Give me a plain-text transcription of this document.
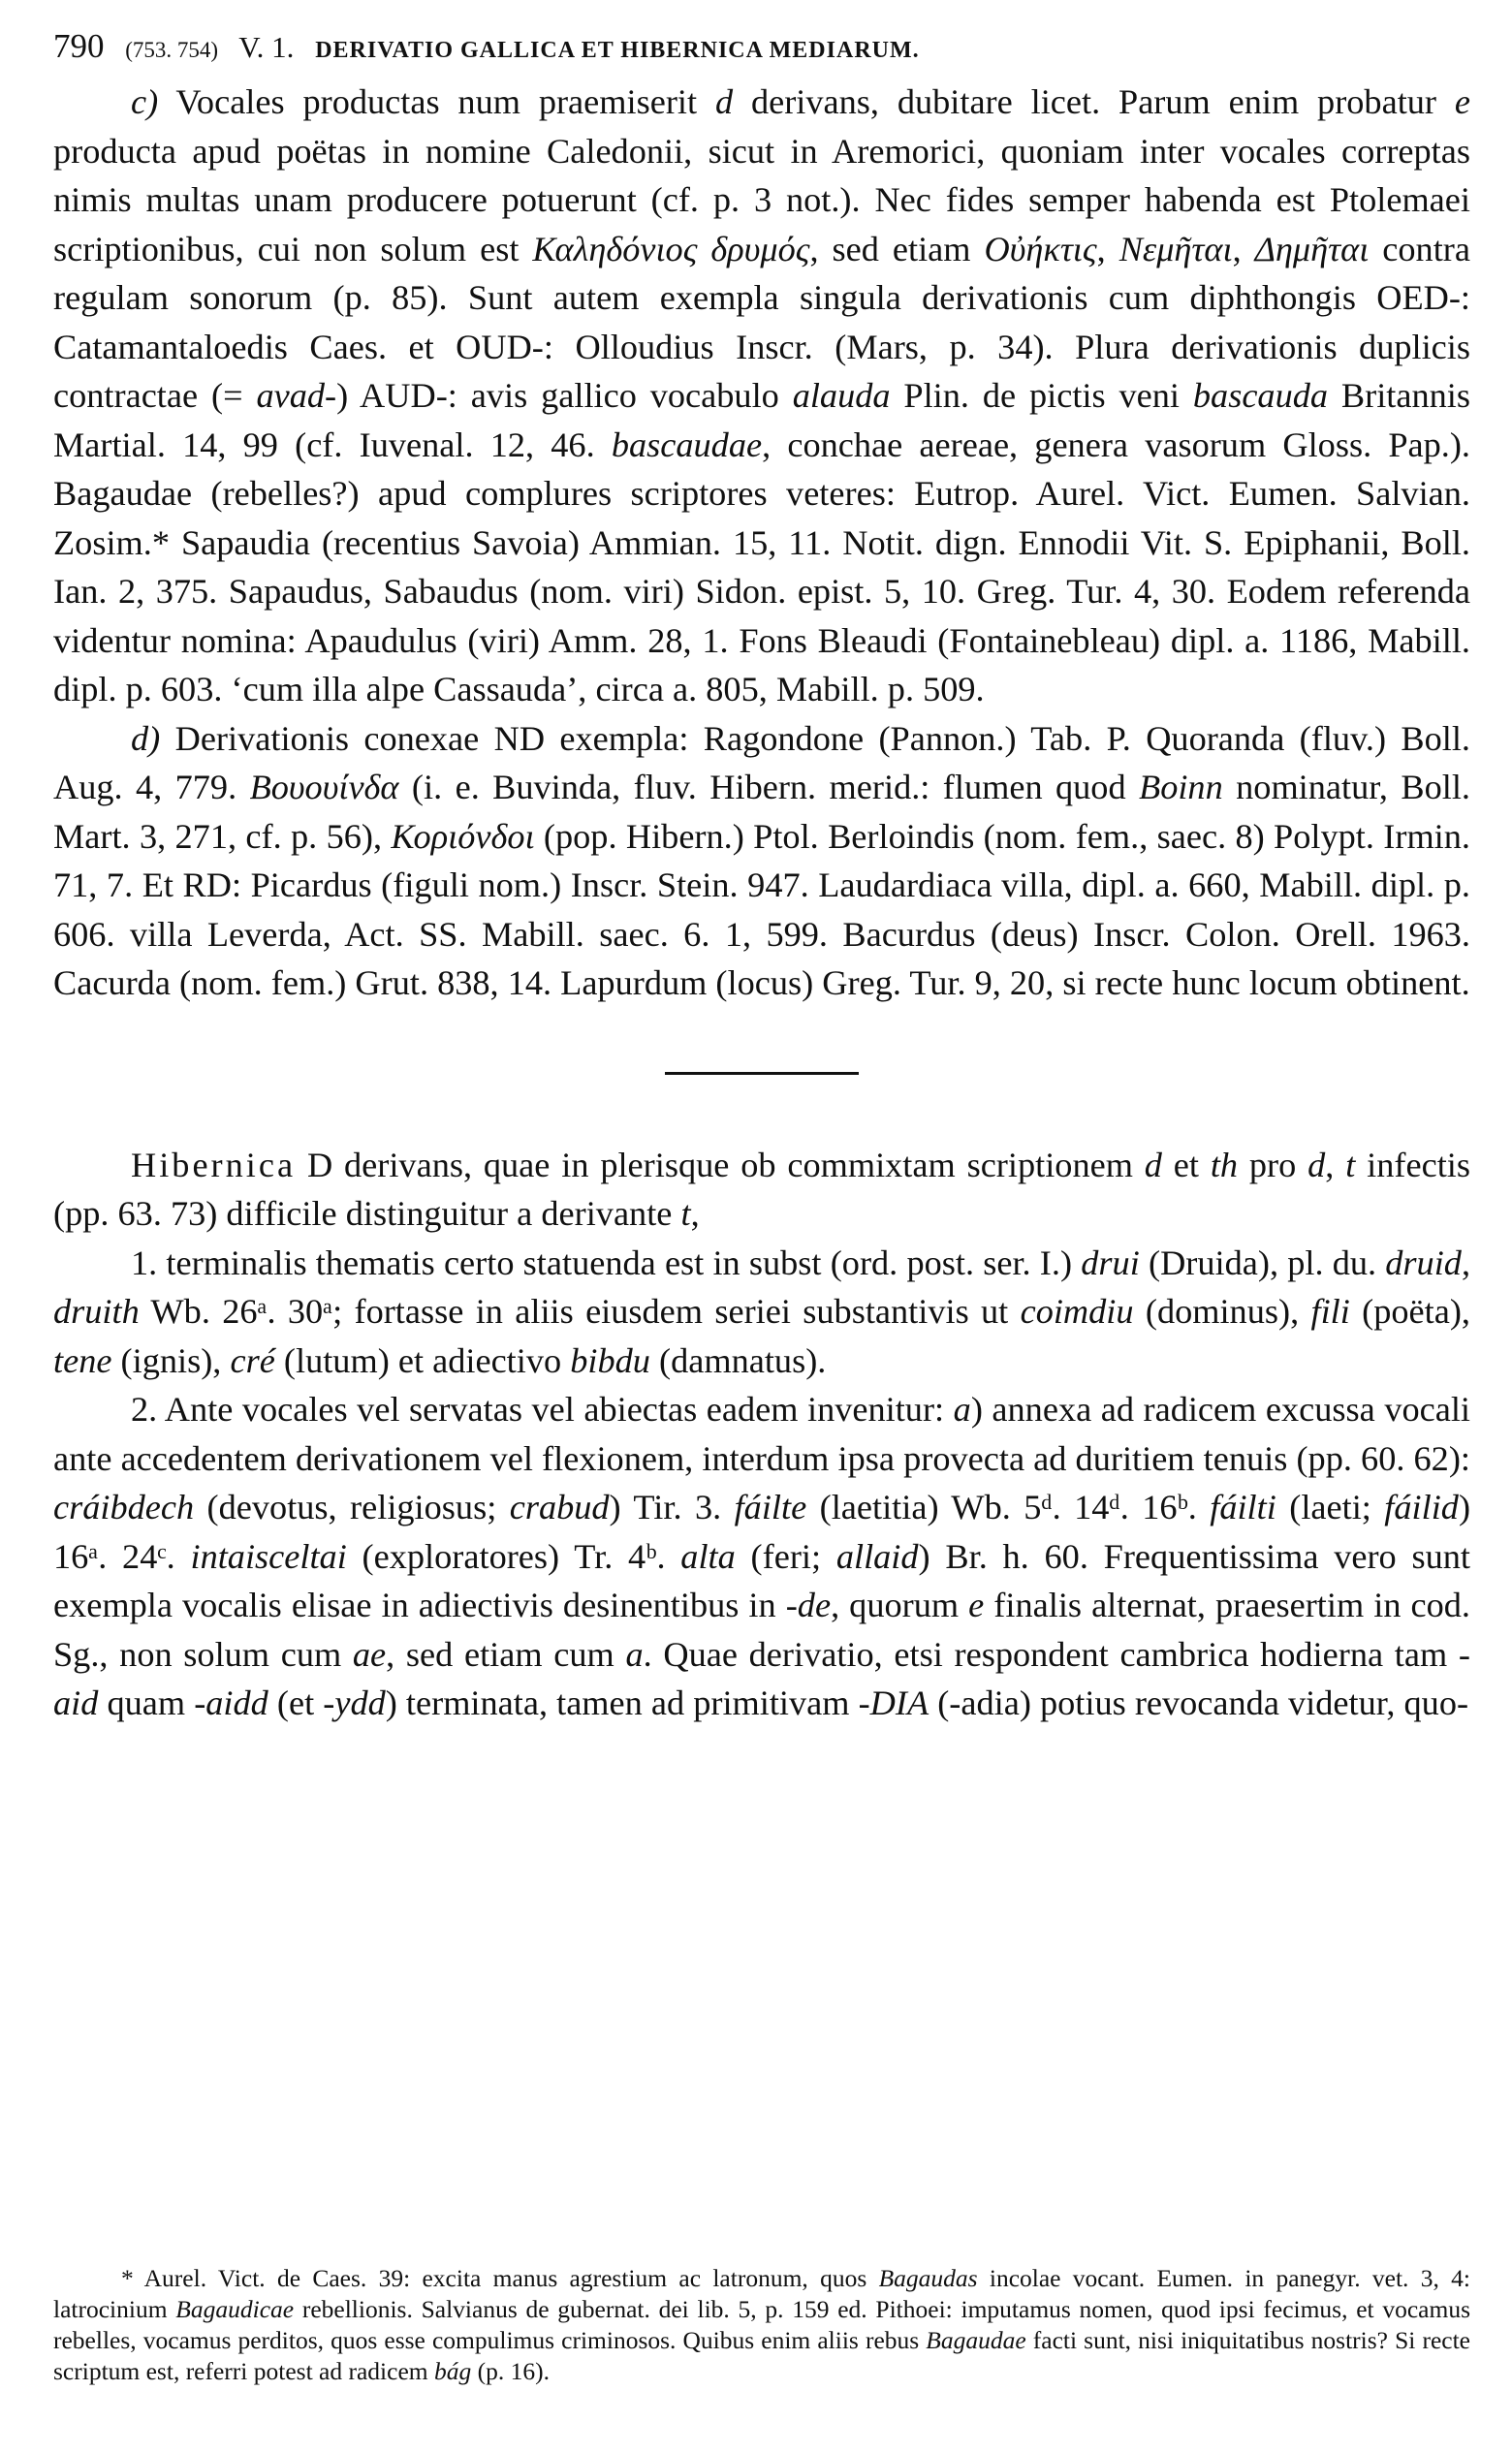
790 (753. 754) V. 1. DERIVATIO GALLICA ET HIBERNICA MEDIARUM.

c) Vocales productas num praemiserit d derivans, dubitare licet. Parum enim probatur e producta apud poëtas in nomine Caledonii, sicut in Aremorici, quoniam inter vocales correptas nimis multas unam producere potuerunt (cf. p. 3 not.). Nec fides semper habenda est Ptolemaei scriptionibus, cui non solum est Καληδόνιος δρυμός, sed etiam Οὐήκτις, Νεμῆται, Δημῆται contra regulam sonorum (p. 85). Sunt autem exempla singula derivationis cum diphthongis OED-: Catamantaloedis Caes. et OUD-: Olloudius Inscr. (Mars, p. 34). Plura derivationis duplicis contractae (= avad-) AUD-: avis gallico vocabulo alauda Plin. de pictis veni bascauda Britannis Martial. 14, 99 (cf. Iuvenal. 12, 46. bascaudae, conchae aereae, genera vasorum Gloss. Pap.). Bagaudae (rebelles?) apud complures scriptores veteres: Eutrop. Aurel. Vict. Eumen. Salvian. Zosim.* Sapaudia (recentius Savoia) Ammian. 15, 11. Notit. dign. Ennodii Vit. S. Epiphanii, Boll. Ian. 2, 375. Sapaudus, Sabaudus (nom. viri) Sidon. epist. 5, 10. Greg. Tur. 4, 30. Eodem referenda videntur nomina: Apaudulus (viri) Amm. 28, 1. Fons Bleaudi (Fontainebleau) dipl. a. 1186, Mabill. dipl. p. 603. ‘cum illa alpe Cassauda’, circa a. 805, Mabill. p. 509.

d) Derivationis conexae ND exempla: Ragondone (Pannon.) Tab. P. Quoranda (fluv.) Boll. Aug. 4, 779. Βουουίνδα (i. e. Buvinda, fluv. Hibern. merid.: flumen quod Boinn nominatur, Boll. Mart. 3, 271, cf. p. 56), Κοριόνδοι (pop. Hibern.) Ptol. Berloindis (nom. fem., saec. 8) Polypt. Irmin. 71, 7. Et RD: Picardus (figuli nom.) Inscr. Stein. 947. Laudardiaca villa, dipl. a. 660, Mabill. dipl. p. 606. villa Leverda, Act. SS. Mabill. saec. 6. 1, 599. Bacurdus (deus) Inscr. Colon. Orell. 1963. Cacurda (nom. fem.) Grut. 838, 14. Lapurdum (locus) Greg. Tur. 9, 20, si recte hunc locum obtinent.

Hibernica D derivans, quae in plerisque ob commixtam scriptionem d et th pro d, t infectis (pp. 63. 73) difficile distinguitur a derivante t,

1. terminalis thematis certo statuenda est in subst (ord. post. ser. I.) drui (Druida), pl. du. druid, druith Wb. 26ᵃ. 30ᵃ; fortasse in aliis eiusdem seriei substantivis ut coimdiu (dominus), fili (poëta), tene (ignis), cré (lutum) et adiectivo bibdu (damnatus).

2. Ante vocales vel servatas vel abiectas eadem invenitur: a) annexa ad radicem excussa vocali ante accedentem derivationem vel flexionem, interdum ipsa provecta ad duritiem tenuis (pp. 60. 62): cráibdech (devotus, religiosus; crabud) Tir. 3. fáilte (laetitia) Wb. 5ᵈ. 14ᵈ. 16ᵇ. fáilti (laeti; fáilid) 16ᵃ. 24ᶜ. intaisceltai (exploratores) Tr. 4ᵇ. alta (feri; allaid) Br. h. 60. Frequentissima vero sunt exempla vocalis elisae in adiectivis desinentibus in -de, quorum e finalis alternat, praesertim in cod. Sg., non solum cum ae, sed etiam cum a. Quae derivatio, etsi respondent cambrica hodierna tam -aid quam -aidd (et -ydd) terminata, tamen ad primitivam -DIA (-adia) potius revocanda videtur, quo-

* Aurel. Vict. de Caes. 39: excita manus agrestium ac latronum, quos Bagaudas incolae vocant. Eumen. in panegyr. vet. 3, 4: latrocinium Bagaudicae rebellionis. Salvianus de gubernat. dei lib. 5, p. 159 ed. Pithoei: imputamus nomen, quod ipsi fecimus, et vocamus rebelles, vocamus perditos, quos esse compulimus criminosos. Quibus enim aliis rebus Bagaudae facti sunt, nisi iniquitatibus nostris? Si recte scriptum est, referri potest ad radicem bág (p. 16).
